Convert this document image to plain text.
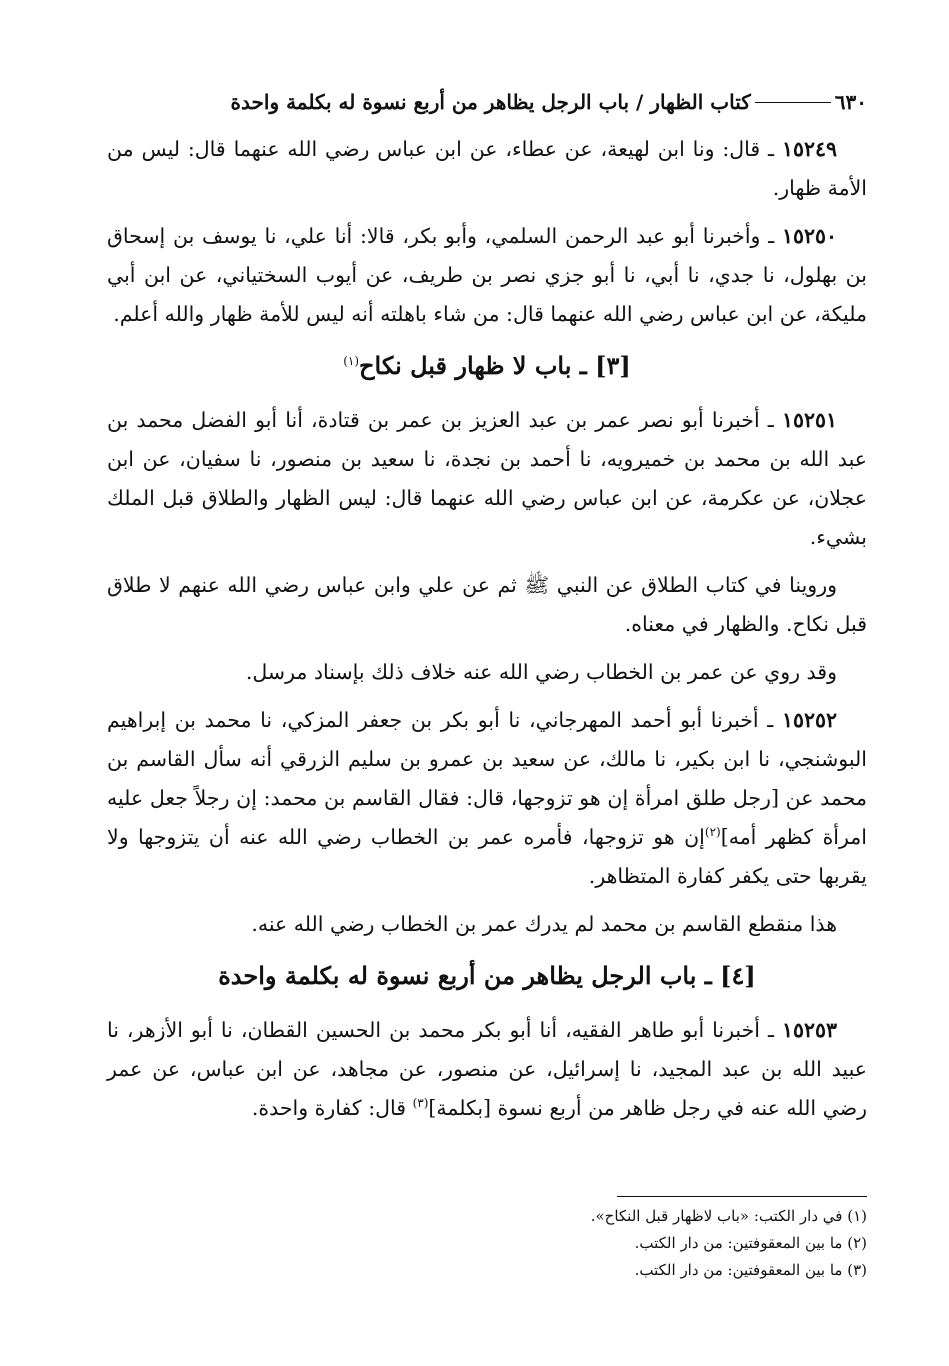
٦٣٠
كتاب الظهار / باب الرجل يظاهر من أربع نسوة له بكلمة واحدة

١٥٢٤٩ ـ قال: ونا ابن لهيعة، عن عطاء، عن ابن عباس رضي الله عنهما قال: ليس من الأمة ظهار.

١٥٢٥٠ ـ وأخبرنا أبو عبد الرحمن السلمي، وأبو بكر، قالا: أنا علي، نا يوسف بن إسحاق بن بهلول، نا جدي، نا أبي، نا أبو جزي نصر بن طريف، عن أيوب السختياني، عن ابن أبي مليكة، عن ابن عباس رضي الله عنهما قال: من شاء باهلته أنه ليس للأمة ظهار والله أعلم.

[٣] ـ باب لا ظهار قبل نكاح$^{(١)}$

١٥٢٥١ ـ أخبرنا أبو نصر عمر بن عبد العزيز بن عمر بن قتادة، أنا أبو الفضل محمد بن عبد الله بن محمد بن خميرويه، نا أحمد بن نجدة، نا سعيد بن منصور، نا سفيان، عن ابن عجلان، عن عكرمة، عن ابن عباس رضي الله عنهما قال: ليس الظهار والطلاق قبل الملك بشيء.

وروينا في كتاب الطلاق عن النبي ﷺ ثم عن علي وابن عباس رضي الله عنهم لا طلاق قبل نكاح. والظهار في معناه.

وقد روي عن عمر بن الخطاب رضي الله عنه خلاف ذلك بإسناد مرسل.

١٥٢٥٢ ـ أخبرنا أبو أحمد المهرجاني، نا أبو بكر بن جعفر المزكي، نا محمد بن إبراهيم البوشنجي، نا ابن بكير، نا مالك، عن سعيد بن عمرو بن سليم الزرقي أنه سأل القاسم بن محمد عن [رجل طلق امرأة إن هو تزوجها، قال: فقال القاسم بن محمد: إن رجلاً جعل عليه امرأة كظهر أمه]$^{(٢)}$إن هو تزوجها، فأمره عمر بن الخطاب رضي الله عنه أن يتزوجها ولا يقربها حتى يكفر كفارة المتظاهر.

هذا منقطع القاسم بن محمد لم يدرك عمر بن الخطاب رضي الله عنه.

[٤] ـ باب الرجل يظاهر من أربع نسوة له بكلمة واحدة

١٥٢٥٣ ـ أخبرنا أبو طاهر الفقيه، أنا أبو بكر محمد بن الحسين القطان، نا أبو الأزهر، نا عبيد الله بن عبد المجيد، نا إسرائيل، عن منصور، عن مجاهد، عن ابن عباس، عن عمر رضي الله عنه في رجل ظاهر من أربع نسوة [بكلمة]$^{(٣)}$ قال: كفارة واحدة.

(١) في دار الكتب: «باب لاظهار قبل النكاح».
(٢) ما بين المعقوفتين: من دار الكتب.
(٣) ما بين المعقوفتين: من دار الكتب.
